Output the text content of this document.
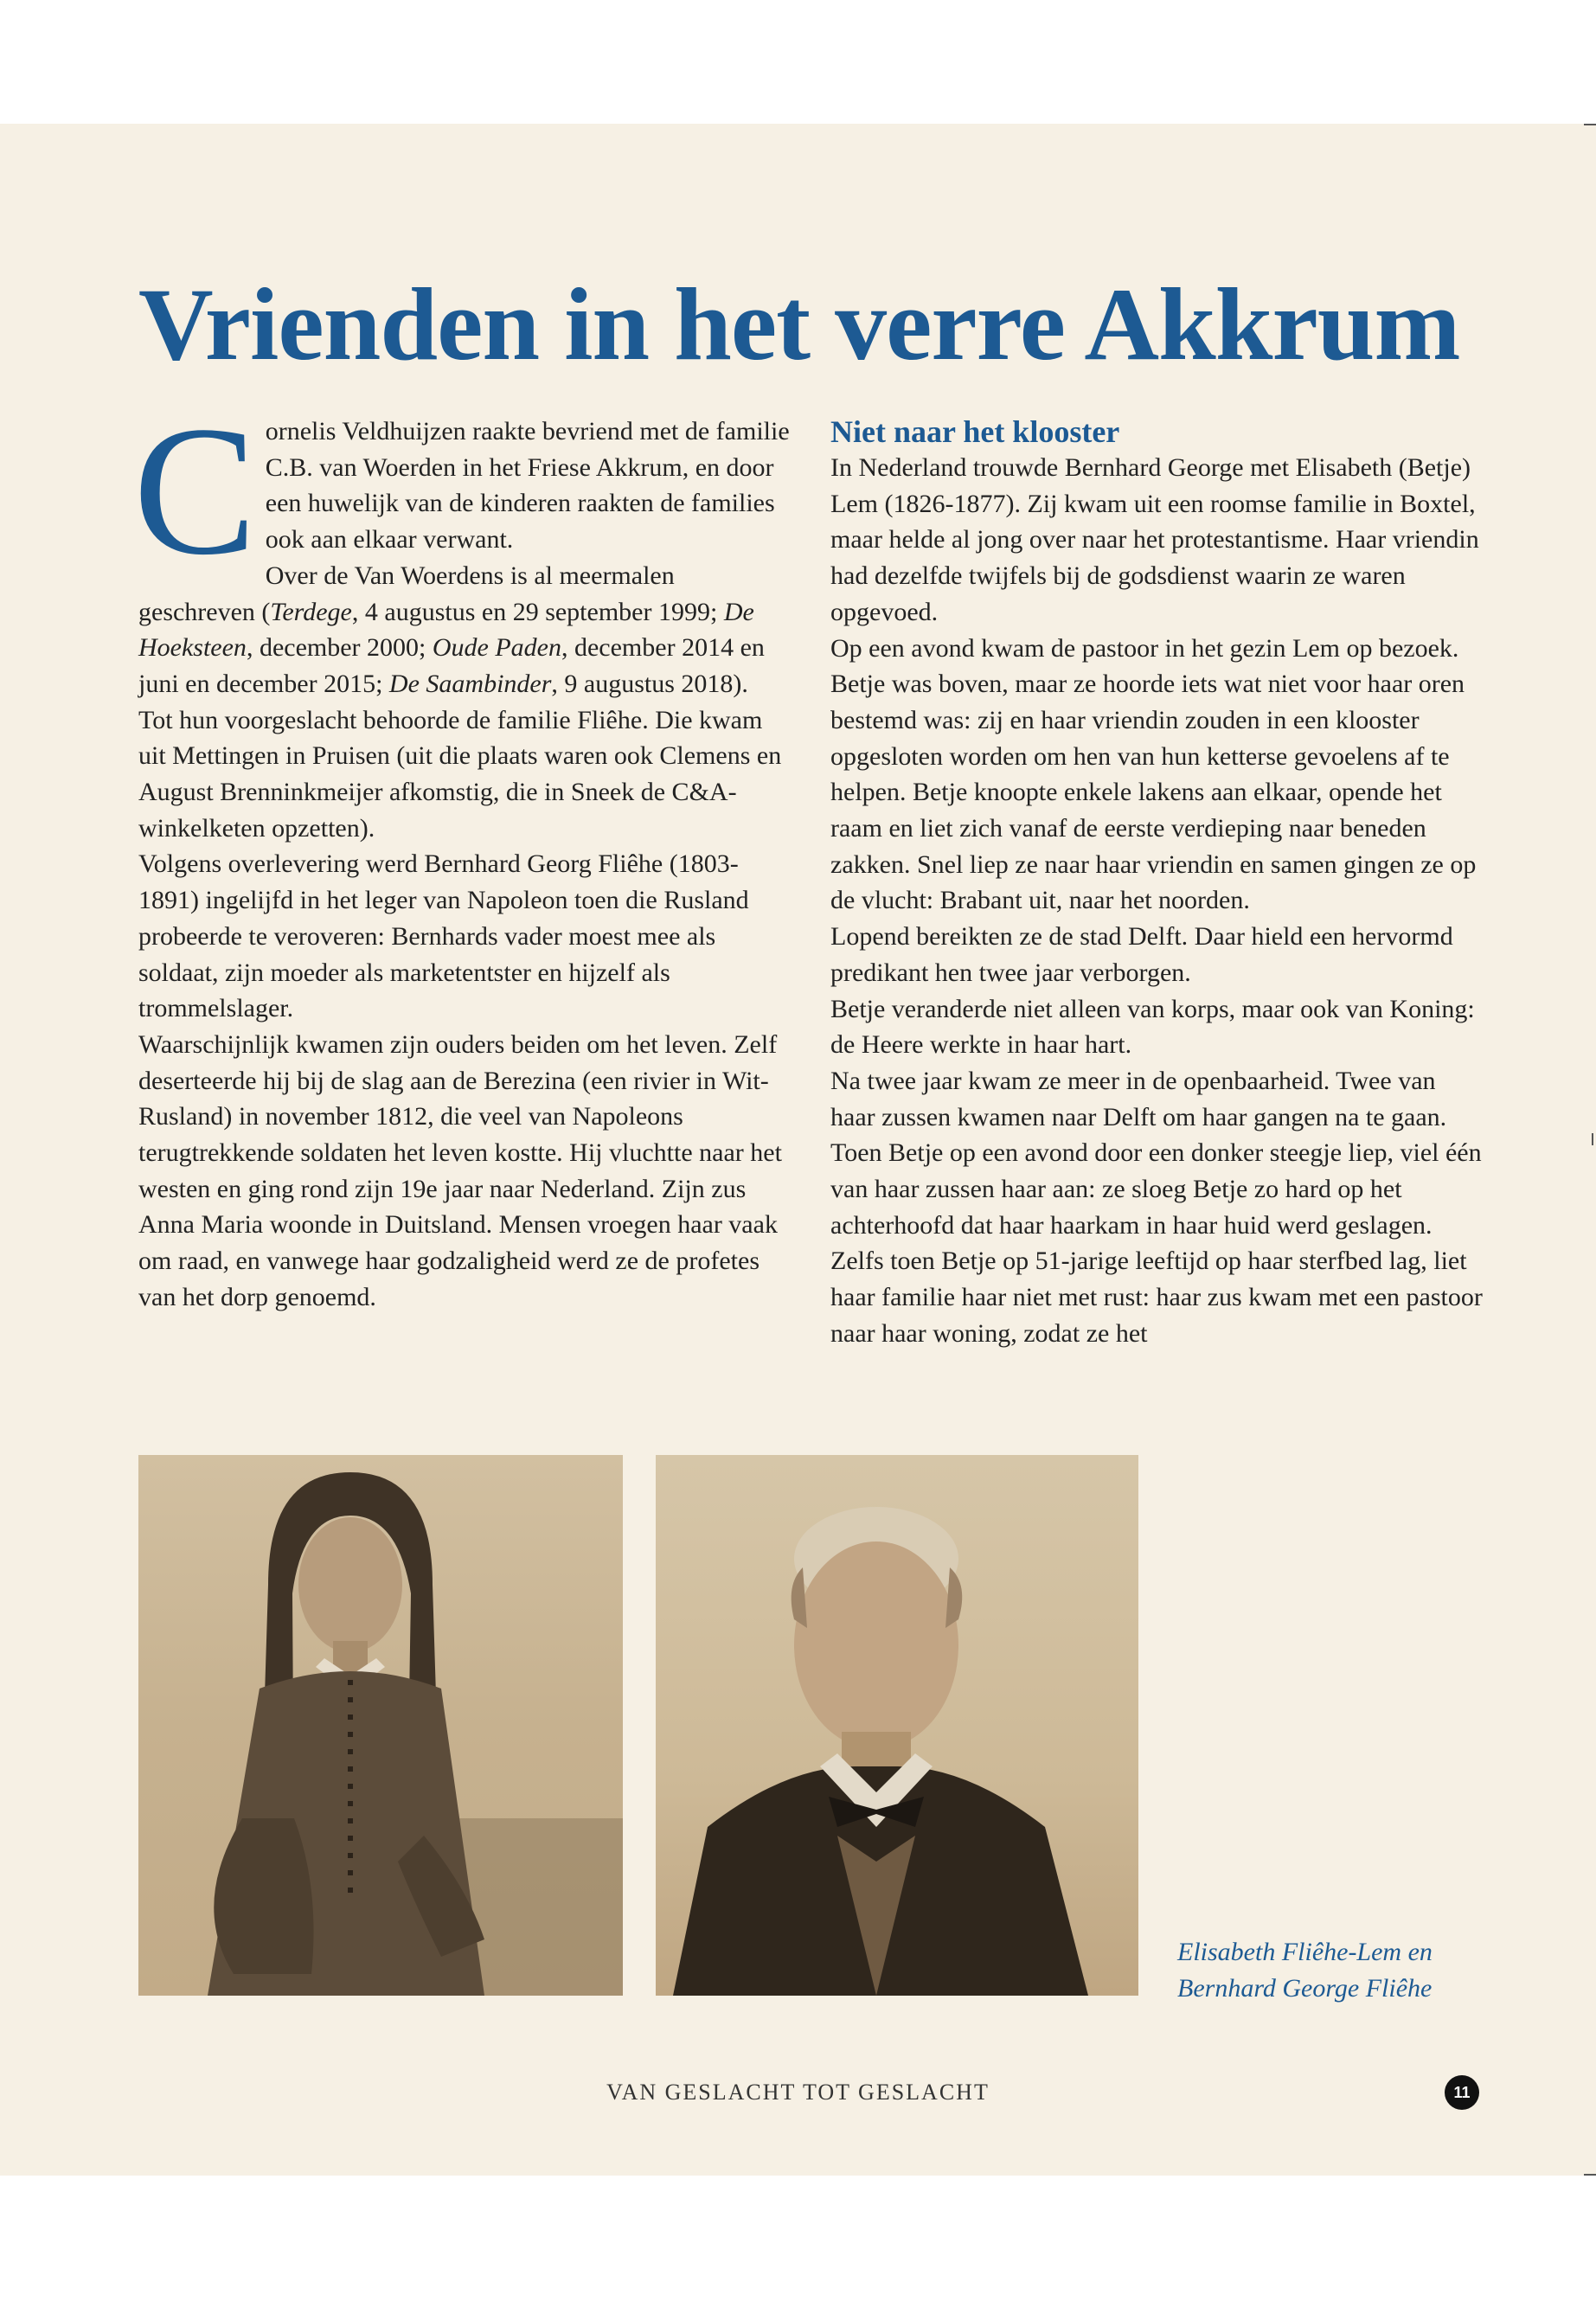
Vrienden in het verre Akkrum
C ornelis Veldhuijzen raakte bevriend met de familie C.B. van Woerden in het Friese Akkrum, en door een huwelijk van de kinderen raakten de families ook aan elkaar verwant.

Over de Van Woerdens is al meermalen geschreven (Terdege, 4 augustus en 29 september 1999; De Hoeksteen, december 2000; Oude Paden, december 2014 en juni en december 2015; De Saambinder, 9 augustus 2018).

Tot hun voorgeslacht behoorde de familie Fliêhe. Die kwam uit Mettingen in Pruisen (uit die plaats waren ook Clemens en August Brenninkmeijer afkomstig, die in Sneek de C&A-winkelketen opzetten).

Volgens overlevering werd Bernhard Georg Fliêhe (1803-1891) ingelijfd in het leger van Napoleon toen die Rusland probeerde te veroveren: Bernhards vader moest mee als soldaat, zijn moeder als marketentster en hijzelf als trommelslager.

Waarschijnlijk kwamen zijn ouders beiden om het leven. Zelf deserteerde hij bij de slag aan de Berezina (een rivier in Wit-Rusland) in november 1812, die veel van Napoleons terugtrekkende soldaten het leven kostte. Hij vluchtte naar het westen en ging rond zijn 19e jaar naar Nederland. Zijn zus Anna Maria woonde in Duitsland. Mensen vroegen haar vaak om raad, en vanwege haar godzaligheid werd ze de profetes van het dorp genoemd.

Niet naar het klooster

In Nederland trouwde Bernhard George met Elisabeth (Betje) Lem (1826-1877). Zij kwam uit een roomse familie in Boxtel, maar helde al jong over naar het protestantisme. Haar vriendin had dezelfde twijfels bij de godsdienst waarin ze waren opgevoed.

Op een avond kwam de pastoor in het gezin Lem op bezoek. Betje was boven, maar ze hoorde iets wat niet voor haar oren bestemd was: zij en haar vriendin zouden in een klooster opgesloten worden om hen van hun ketterse gevoelens af te helpen. Betje knoopte enkele lakens aan elkaar, opende het raam en liet zich vanaf de eerste verdieping naar beneden zakken. Snel liep ze naar haar vriendin en samen gingen ze op de vlucht: Brabant uit, naar het noorden.

Lopend bereikten ze de stad Delft. Daar hield een hervormd predikant hen twee jaar verborgen.

Betje veranderde niet alleen van korps, maar ook van Koning: de Heere werkte in haar hart.

Na twee jaar kwam ze meer in de openbaarheid. Twee van haar zussen kwamen naar Delft om haar gangen na te gaan. Toen Betje op een avond door een donker steegje liep, viel één van haar zussen haar aan: ze sloeg Betje zo hard op het achterhoofd dat haar haarkam in haar huid werd geslagen.

Zelfs toen Betje op 51-jarige leeftijd op haar sterfbed lag, liet haar familie haar niet met rust: haar zus kwam met een pastoor naar haar woning, zodat ze het

Elisabeth Fliêhe-Lem en
Bernhard George Fliêhe
VAN GESLACHT TOT GESLACHT	11
